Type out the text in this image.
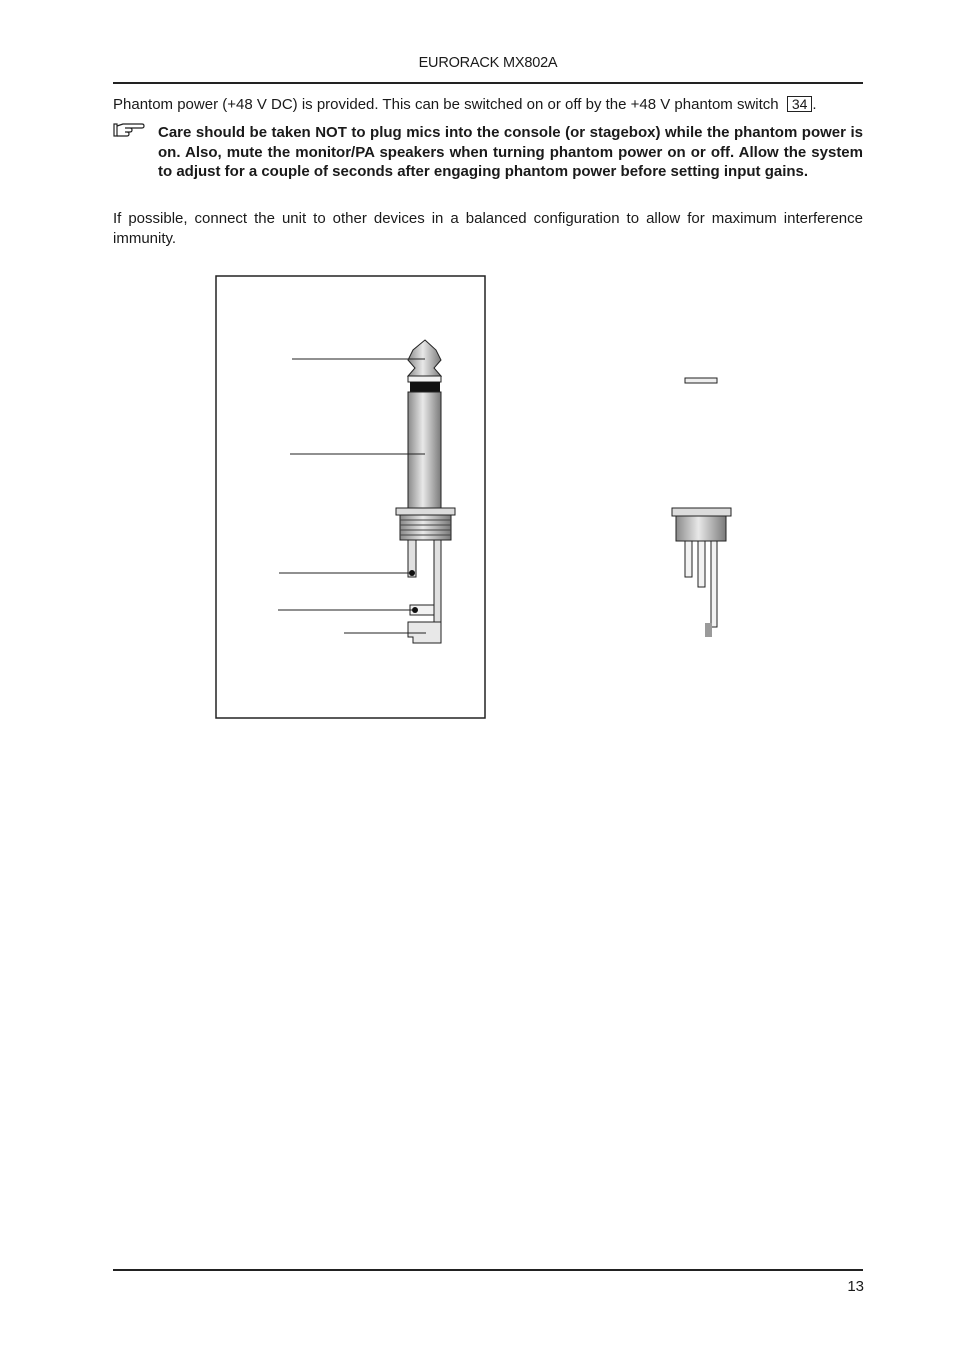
EURORACK MX802A
Phantom power (+48 V DC) is provided. This can be switched on or off by the +48 V phantom switch 34 .
Care should be taken NOT to plug mics into the console (or stagebox) while the phantom power is on. Also, mute the monitor/PA speakers when turning phantom power on or off. Allow the system to adjust for a couple of seconds after engaging phantom power before setting input gains.
If possible, connect the unit to other devices in a balanced configuration to allow for maximum interference immunity.
13
